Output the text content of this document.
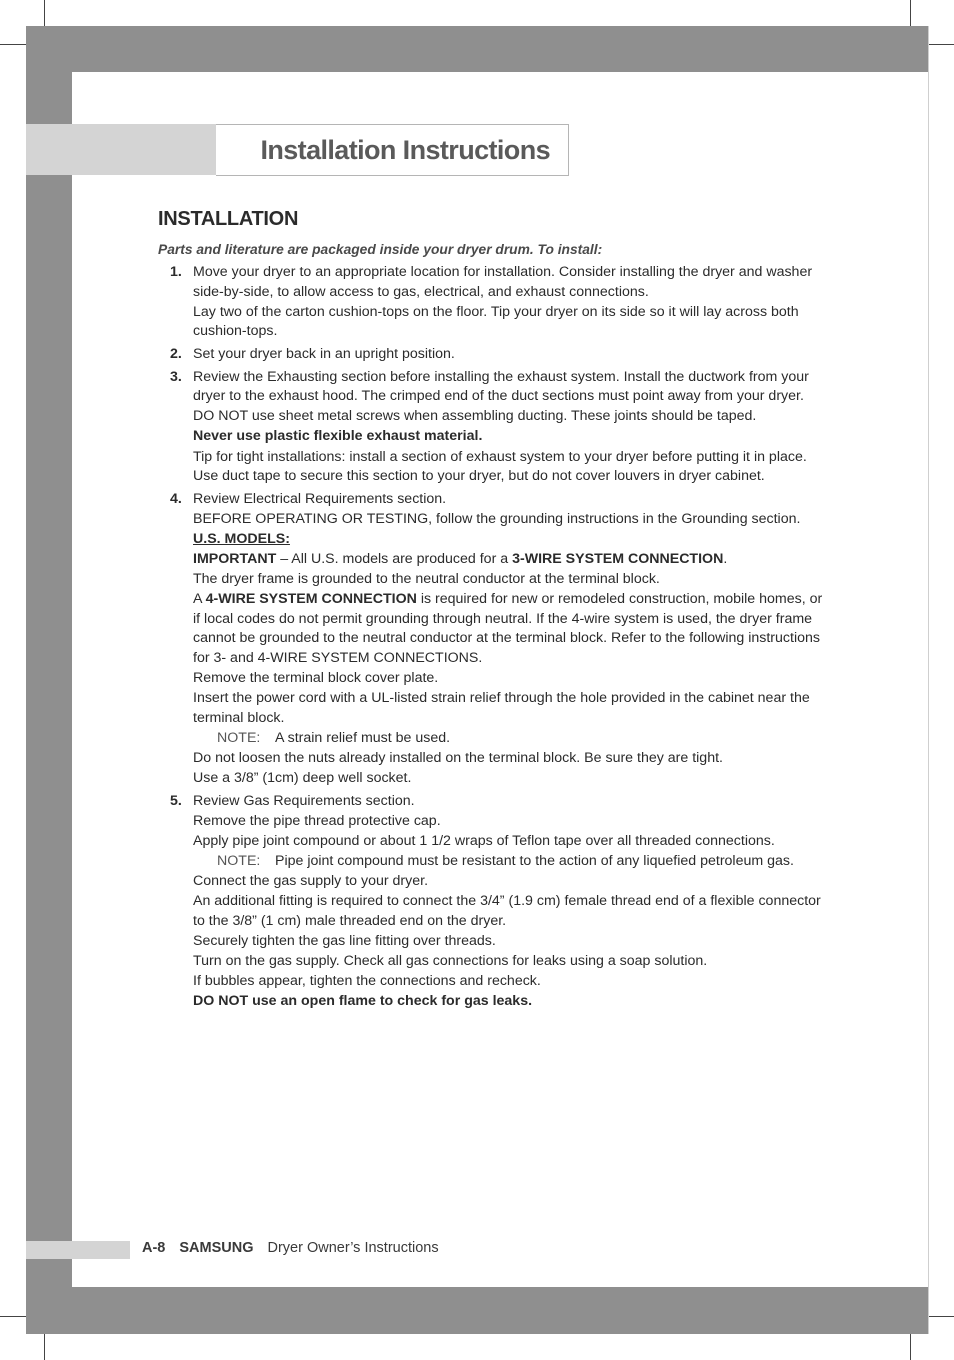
Installation Instructions
INSTALLATION

Parts and literature are packaged inside your dryer drum. To install:

1. Move your dryer to an appropriate location for installation. Consider installing the dryer and washer side-by-side, to allow access to gas, electrical, and exhaust connections.

Lay two of the carton cushion-tops on the floor. Tip your dryer on its side so it will lay across both cushion-tops.

2. Set your dryer back in an upright position.

3. Review the Exhausting section before installing the exhaust system. Install the ductwork from your dryer to the exhaust hood. The crimped end of the duct sections must point away from your dryer.

DO NOT use sheet metal screws when assembling ducting. These joints should be taped.

Never use plastic flexible exhaust material.

Tip for tight installations: install a section of exhaust system to your dryer before putting it in place. Use duct tape to secure this section to your dryer, but do not cover louvers in dryer cabinet.

4. Review Electrical Requirements section.

BEFORE OPERATING OR TESTING, follow the grounding instructions in the Grounding section.

U.S. MODELS:

IMPORTANT – All U.S. models are produced for a 3-WIRE SYSTEM CONNECTION.

The dryer frame is grounded to the neutral conductor at the terminal block.

A 4-WIRE SYSTEM CONNECTION is required for new or remodeled construction, mobile homes, or if local codes do not permit grounding through neutral. If the 4-wire system is used, the dryer frame cannot be grounded to the neutral conductor at the terminal block. Refer to the following instructions for 3- and 4-WIRE SYSTEM CONNECTIONS.

Remove the terminal block cover plate.

Insert the power cord with a UL-listed strain relief through the hole provided in the cabinet near the terminal block.

NOTE: A strain relief must be used.

Do not loosen the nuts already installed on the terminal block. Be sure they are tight.

Use a 3/8” (1cm) deep well socket.

5. Review Gas Requirements section.

Remove the pipe thread protective cap.

Apply pipe joint compound or about 1 1/2 wraps of Teflon tape over all threaded connections.

NOTE: Pipe joint compound must be resistant to the action of any liquefied petroleum gas.

Connect the gas supply to your dryer.

An additional fitting is required to connect the 3/4” (1.9 cm) female thread end of a flexible connector to the 3/8” (1 cm) male threaded end on the dryer.

Securely tighten the gas line fitting over threads.

Turn on the gas supply. Check all gas connections for leaks using a soap solution.

If bubbles appear, tighten the connections and recheck.

DO NOT use an open flame to check for gas leaks.

A-8 SAMSUNG Dryer Owner’s Instructions
